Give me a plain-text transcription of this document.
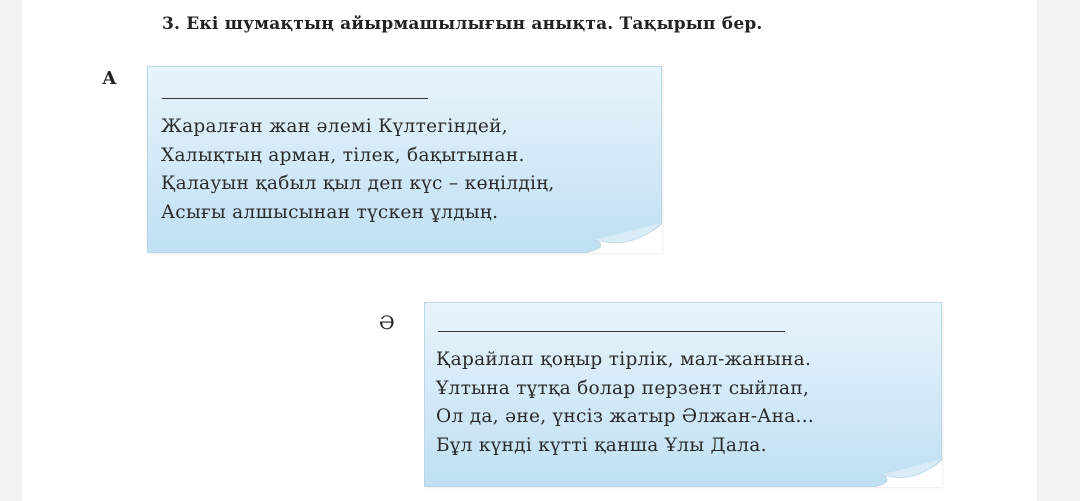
3. Екі шумақтың айырмашылығын анықта. Тақырып бер.
А
Жаралған жан әлемі Күлтегіндей,
Халықтың арман, тілек, бақытынан.
Қалауын қабыл қыл деп күс – көңілдің,
Асығы алшысынан түскен ұлдың.
Ә
Қарайлап қоңыр тірлік, мал-жанына.
Ұлтына тұтқа болар перзент сыйлап,
Ол да, әне, үнсіз жатыр Әлжан-Ана...
Бұл күнді күтті қанша Ұлы Дала.
